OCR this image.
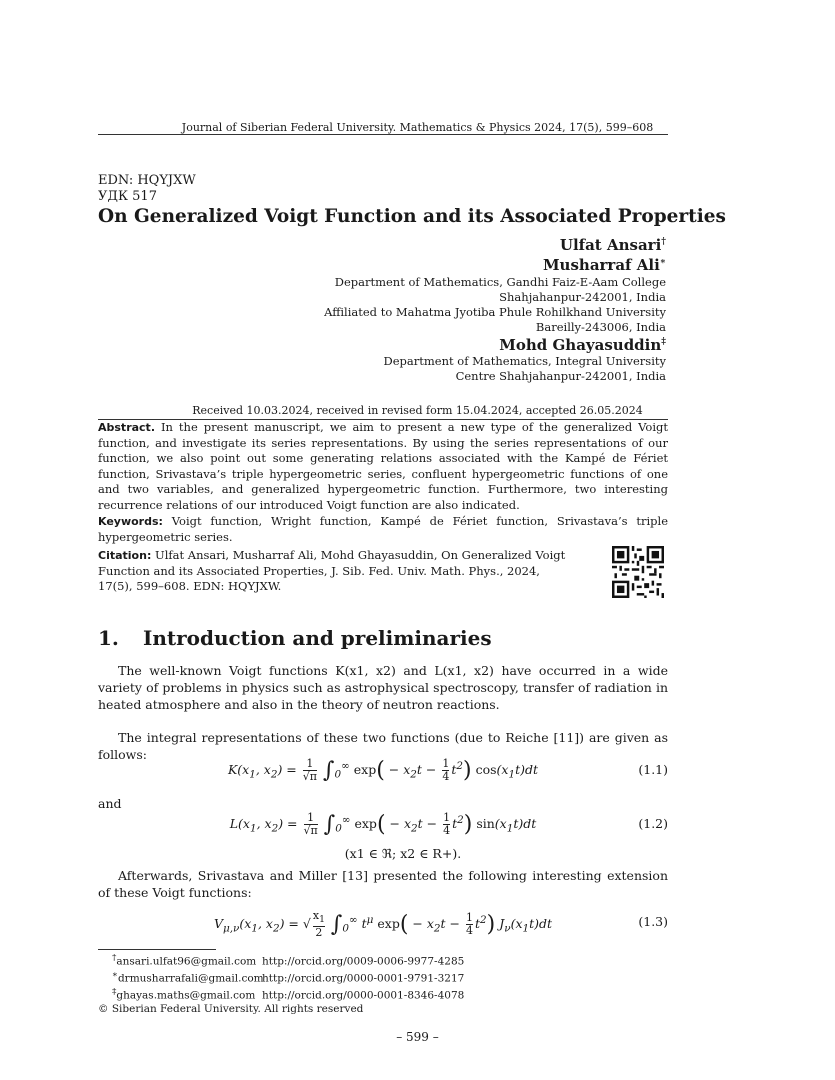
Journal of Siberian Federal University. Mathematics & Physics 2024, 17(5), 599–608
EDN: HQYJXW
УДК 517
On Generalized Voigt Function and its Associated Properties
Ulfat Ansari†
Musharraf Ali∗
Department of Mathematics, Gandhi Faiz-E-Aam College
Shahjahanpur-242001, India
Affiliated to Mahatma Jyotiba Phule Rohilkhand University
Bareilly-243006, India
Mohd Ghayasuddin‡
Department of Mathematics, Integral University
Centre Shahjahanpur-242001, India
Received 10.03.2024, received in revised form 15.04.2024, accepted 26.05.2024
Abstract. In the present manuscript, we aim to present a new type of the generalized Voigt function, and investigate its series representations. By using the series representations of our function, we also point out some generating relations associated with the Kampé de Fériet function, Srivastava’s triple hypergeometric series, confluent hypergeometric functions of one and two variables, and generalized hypergeometric function. Furthermore, two interesting recurrence relations of our introduced Voigt function are also indicated.
Keywords: Voigt function, Wright function, Kampé de Fériet function, Srivastava’s triple hypergeometric series.
Citation: Ulfat Ansari, Musharraf Ali, Mohd Ghayasuddin, On Generalized Voigt Function and its Associated Properties, J. Sib. Fed. Univ. Math. Phys., 2024, 17(5), 599–608. EDN: HQYJXW.
1. Introduction and preliminaries
The well-known Voigt functions K(x1, x2) and L(x1, x2) have occurred in a wide variety of problems in physics such as astrophysical spectroscopy, transfer of radiation in heated atmosphere and also in the theory of neutron reactions.
The integral representations of these two functions (due to Reiche [11]) are given as follows:
$K(x_1$, $x_2) = \frac{1}{√\pi} \int_0^\infty$ $\exp( - x_2t - \frac{1}{4} t^2)$ $\cos(x_1t)dt$	(1.1)
and
$L(x_1$, $x_2) = \frac{1}{√\pi} \int_0^\infty$ $\exp( - x_2t - \frac{1}{4} t^2)$ $\sin(x_1t)dt$	(1.2)
(x1 ∈ ℜ; x2 ∈ R+).
Afterwards, Srivastava and Miller [13] presented the following interesting extension of these Voigt functions:
$V_{\mu,\nu}(x_1$, $x_2$) = √ $\frac{x_1}{2} \int_0^\infty$ $t^\mu$ $\exp( - x_2t - \frac{1}{4} t^2)$ $J_\nu(x_1t)dt$	(1.3)
†ansari.ulfat96@gmail.com http://orcid.org/0009-0006-9977-4285
∗drmusharrafali@gmail.comhttp://orcid.org/0000-0001-9791-3217
‡ghayas.maths@gmail.com http://orcid.org/0000-0001-8346-4078
© Siberian Federal University. All rights reserved
– 599 –
